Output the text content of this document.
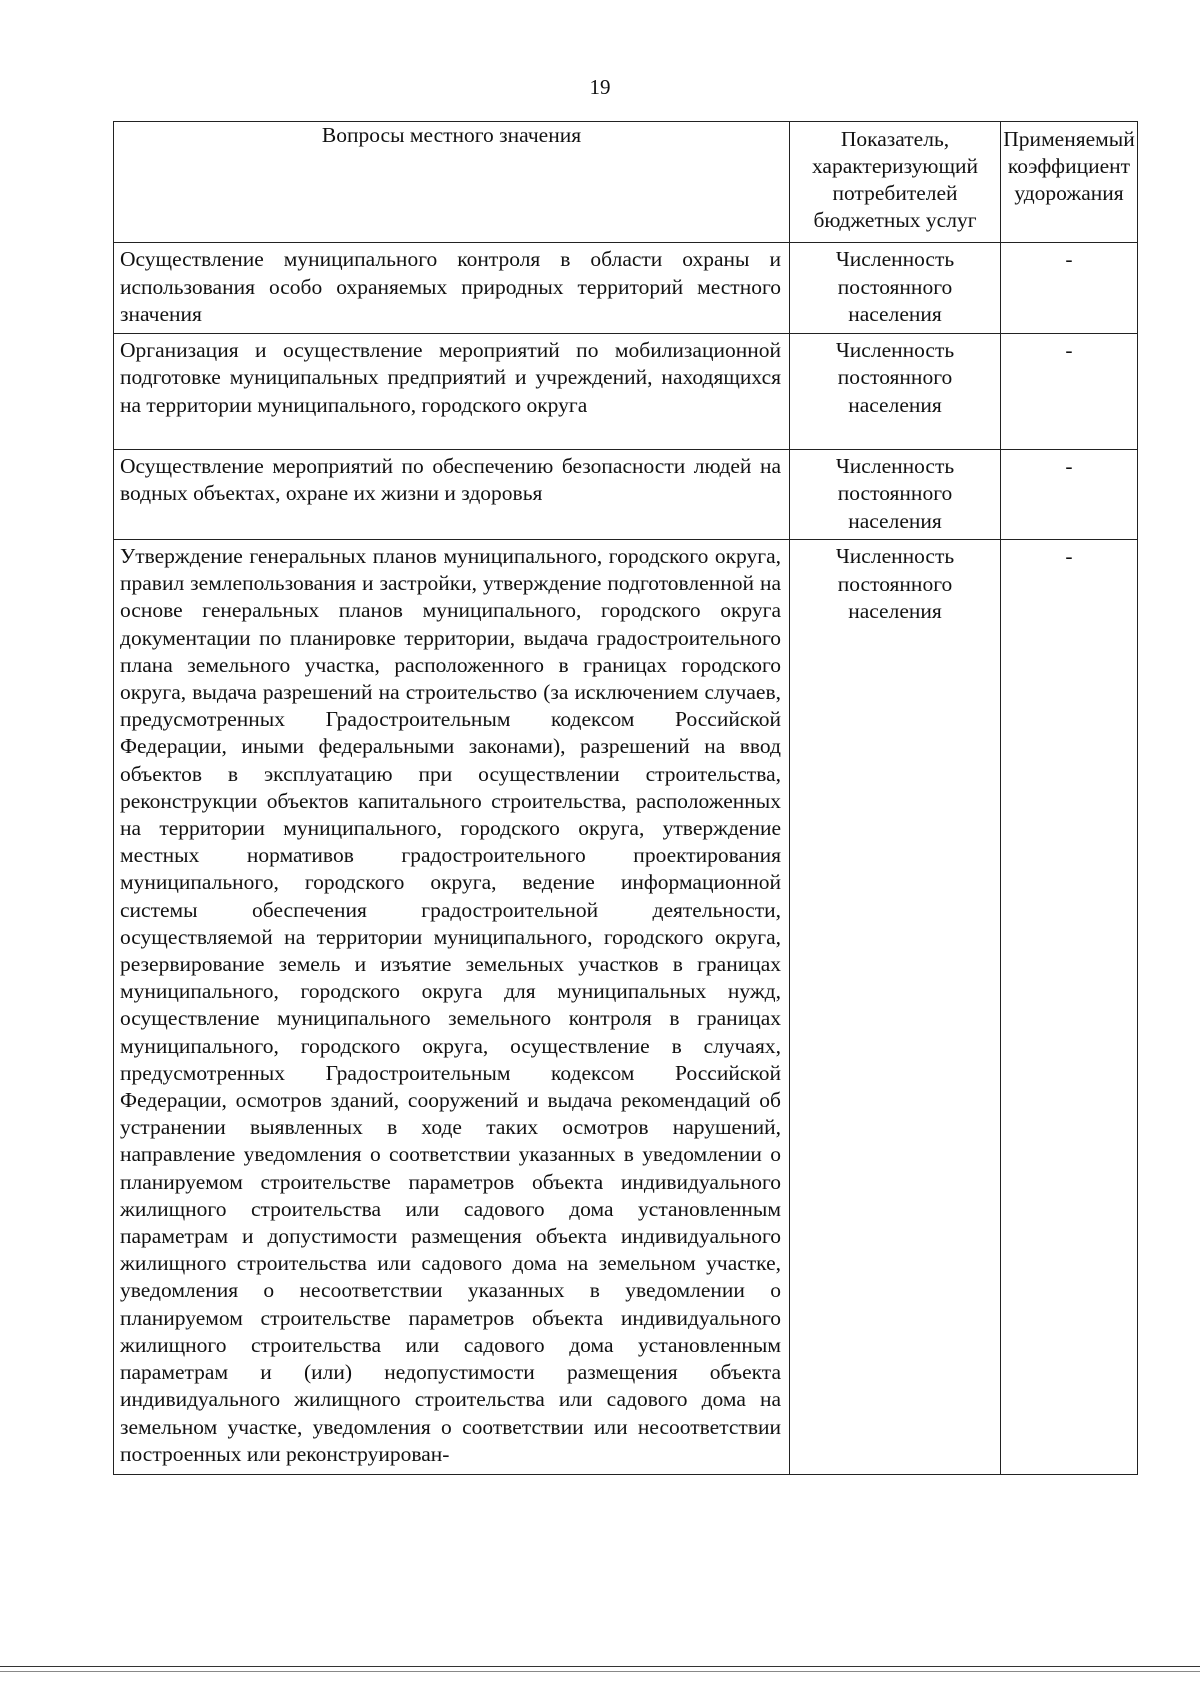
19
Вопросы местного значения	Показатель, характеризующий потребителей бюджетных услуг	Применяемый коэффициент удорожания
Осуществление муниципального контроля в области охраны и использования особо охраняемых природных территорий местного значения	Численность постоянного населения	-
Организация и осуществление мероприятий по мобилизационной подготовке муниципальных предприятий и учреждений, находящихся на территории муниципального, городского округа	Численность постоянного населения	-
Осуществление мероприятий по обеспечению безопасности людей на водных объектах, охране их жизни и здоровья	Численность постоянного населения	-
Утверждение генеральных планов муниципального, городского округа, правил землепользования и застройки, утверждение подготовленной на основе генеральных планов муниципального, городского округа документации по планировке территории, выдача градостроительного плана земельного участка, расположенного в границах городского округа, выдача разрешений на строительство (за исключением случаев, предусмотренных Градостроительным кодексом Российской Федерации, иными федеральными законами), разрешений на ввод объектов в эксплуатацию при осуществлении строительства, реконструкции объектов капитального строительства, расположенных на территории муниципального, городского округа, утверждение местных нормативов градостроительного проектирования муниципального, городского округа, ведение информационной системы обеспечения градостроительной деятельности, осуществляемой на территории муниципального, городского округа, резервирование земель и изъятие земельных участков в границах муниципального, городского округа для муниципальных нужд, осуществление муниципального земельного контроля в границах муниципального, городского округа, осуществление в случаях, предусмотренных Градостроительным кодексом Российской Федерации, осмотров зданий, сооружений и выдача рекомендаций об устранении выявленных в ходе таких осмотров нарушений, направление уведомления о соответствии указанных в уведомлении о планируемом строительстве параметров объекта индивидуального жилищного строительства или садового дома установленным параметрам и допустимости размещения объекта индивидуального жилищного строительства или садового дома на земельном участке, уведомления о несоответствии указанных в уведомлении о планируемом строительстве параметров объекта индивидуального жилищного строительства или садового дома установленным параметрам и (или) недопустимости размещения объекта индивидуального жилищного строительства или садового дома на земельном участке, уведомления о соответствии или несоответствии построенных или реконструирован-	Численность постоянного населения	-
